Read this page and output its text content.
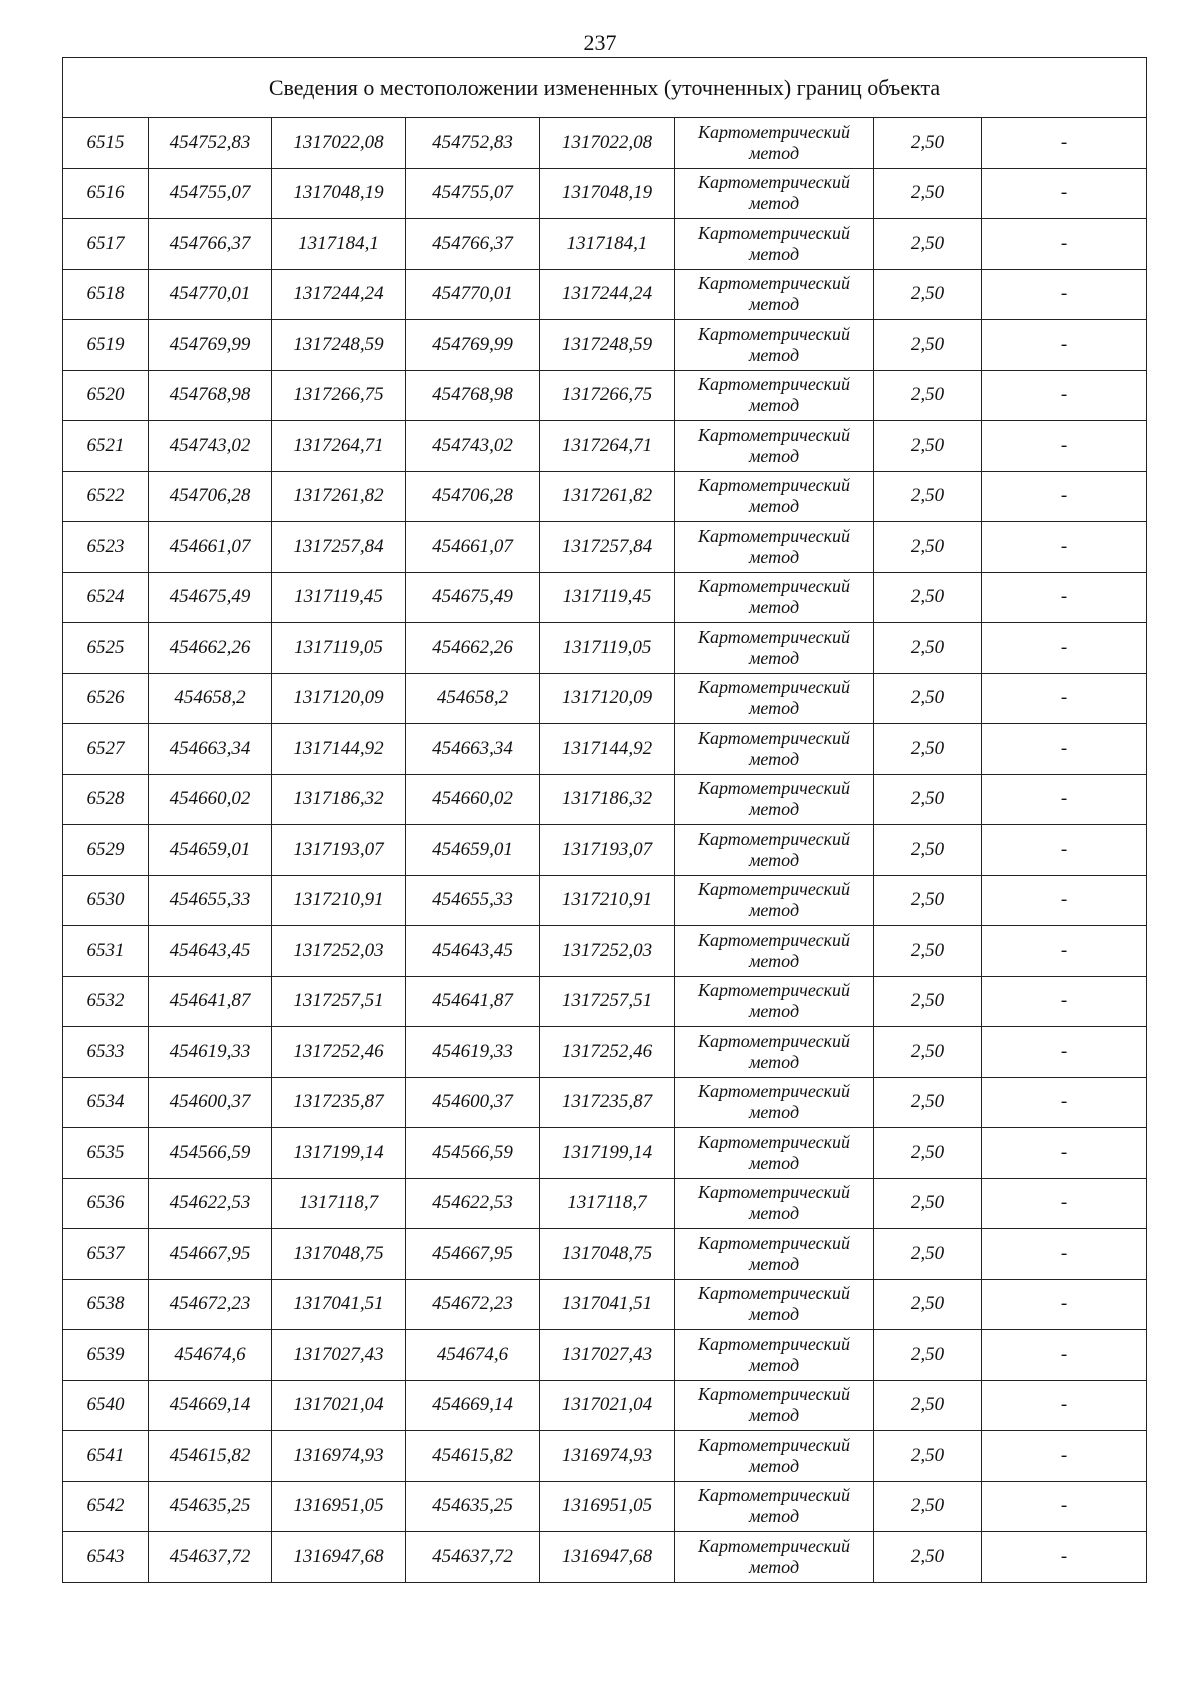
237
Сведения о местоположении измененных (уточненных) границ объекта							
6515	454752,83	1317022,08	454752,83	1317022,08	Картометрический
метод	2,50	-
6516	454755,07	1317048,19	454755,07	1317048,19	Картометрический
метод	2,50	-
6517	454766,37	1317184,1	454766,37	1317184,1	Картометрический
метод	2,50	-
6518	454770,01	1317244,24	454770,01	1317244,24	Картометрический
метод	2,50	-
6519	454769,99	1317248,59	454769,99	1317248,59	Картометрический
метод	2,50	-
6520	454768,98	1317266,75	454768,98	1317266,75	Картометрический
метод	2,50	-
6521	454743,02	1317264,71	454743,02	1317264,71	Картометрический
метод	2,50	-
6522	454706,28	1317261,82	454706,28	1317261,82	Картометрический
метод	2,50	-
6523	454661,07	1317257,84	454661,07	1317257,84	Картометрический
метод	2,50	-
6524	454675,49	1317119,45	454675,49	1317119,45	Картометрический
метод	2,50	-
6525	454662,26	1317119,05	454662,26	1317119,05	Картометрический
метод	2,50	-
6526	454658,2	1317120,09	454658,2	1317120,09	Картометрический
метод	2,50	-
6527	454663,34	1317144,92	454663,34	1317144,92	Картометрический
метод	2,50	-
6528	454660,02	1317186,32	454660,02	1317186,32	Картометрический
метод	2,50	-
6529	454659,01	1317193,07	454659,01	1317193,07	Картометрический
метод	2,50	-
6530	454655,33	1317210,91	454655,33	1317210,91	Картометрический
метод	2,50	-
6531	454643,45	1317252,03	454643,45	1317252,03	Картометрический
метод	2,50	-
6532	454641,87	1317257,51	454641,87	1317257,51	Картометрический
метод	2,50	-
6533	454619,33	1317252,46	454619,33	1317252,46	Картометрический
метод	2,50	-
6534	454600,37	1317235,87	454600,37	1317235,87	Картометрический
метод	2,50	-
6535	454566,59	1317199,14	454566,59	1317199,14	Картометрический
метод	2,50	-
6536	454622,53	1317118,7	454622,53	1317118,7	Картометрический
метод	2,50	-
6537	454667,95	1317048,75	454667,95	1317048,75	Картометрический
метод	2,50	-
6538	454672,23	1317041,51	454672,23	1317041,51	Картометрический
метод	2,50	-
6539	454674,6	1317027,43	454674,6	1317027,43	Картометрический
метод	2,50	-
6540	454669,14	1317021,04	454669,14	1317021,04	Картометрический
метод	2,50	-
6541	454615,82	1316974,93	454615,82	1316974,93	Картометрический
метод	2,50	-
6542	454635,25	1316951,05	454635,25	1316951,05	Картометрический
метод	2,50	-
6543	454637,72	1316947,68	454637,72	1316947,68	Картометрический
метод	2,50	-
